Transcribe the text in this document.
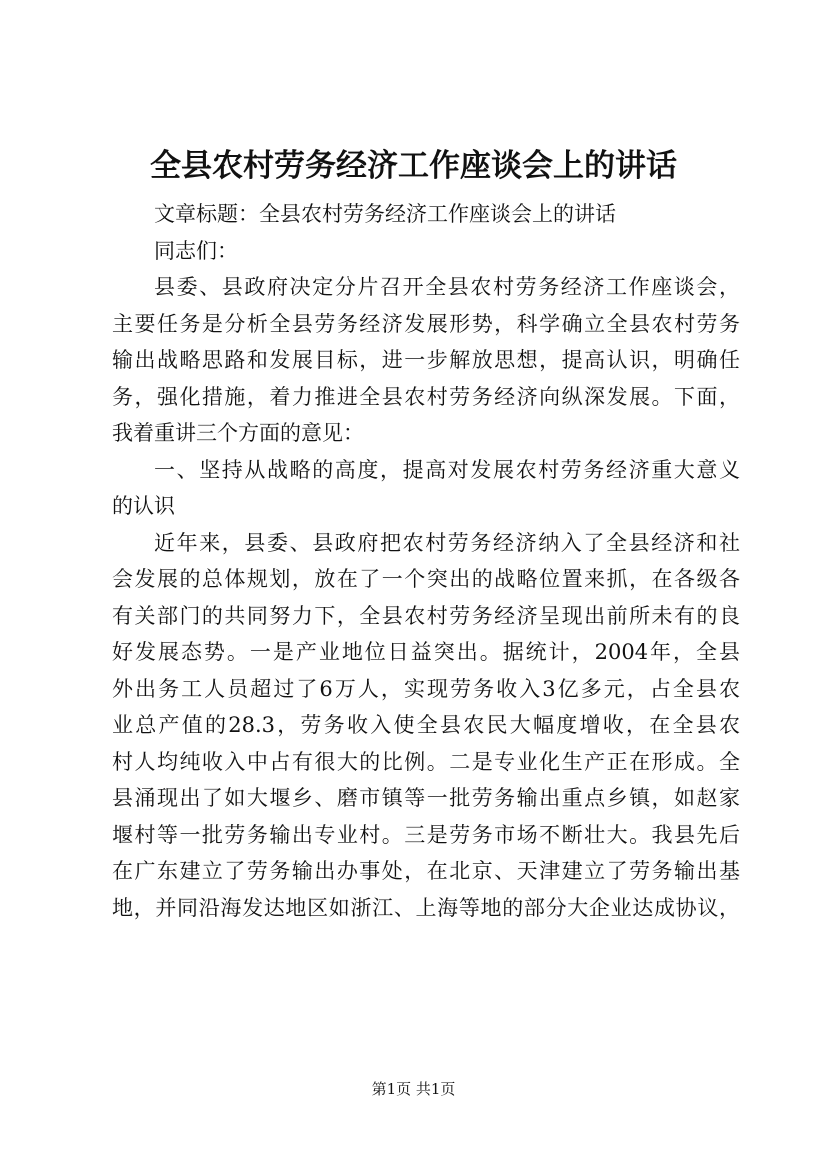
全县农村劳务经济工作座谈会上的讲话
文章标题：全县农村劳务经济工作座谈会上的讲话
同志们：
县委、县政府决定分片召开全县农村劳务经济工作座谈会，
主要任务是分析全县劳务经济发展形势，科学确立全县农村劳务
输出战略思路和发展目标，进一步解放思想，提高认识，明确任
务，强化措施，着力推进全县农村劳务经济向纵深发展。下面，
我着重讲三个方面的意见：
一、坚持从战略的高度，提高对发展农村劳务经济重大意义
的认识
近年来，县委、县政府把农村劳务经济纳入了全县经济和社
会发展的总体规划，放在了一个突出的战略位置来抓，在各级各
有关部门的共同努力下，全县农村劳务经济呈现出前所未有的良
好发展态势。一是产业地位日益突出。据统计，2004年，全县
外出务工人员超过了6万人，实现劳务收入3亿多元，占全县农
业总产值的28.3，劳务收入使全县农民大幅度增收，在全县农
村人均纯收入中占有很大的比例。二是专业化生产正在形成。全
县涌现出了如大堰乡、磨市镇等一批劳务输出重点乡镇，如赵家
堰村等一批劳务输出专业村。三是劳务市场不断壮大。我县先后
在广东建立了劳务输出办事处，在北京、天津建立了劳务输出基
地，并同沿海发达地区如浙江、上海等地的部分大企业达成协议，
第1页 共1页
